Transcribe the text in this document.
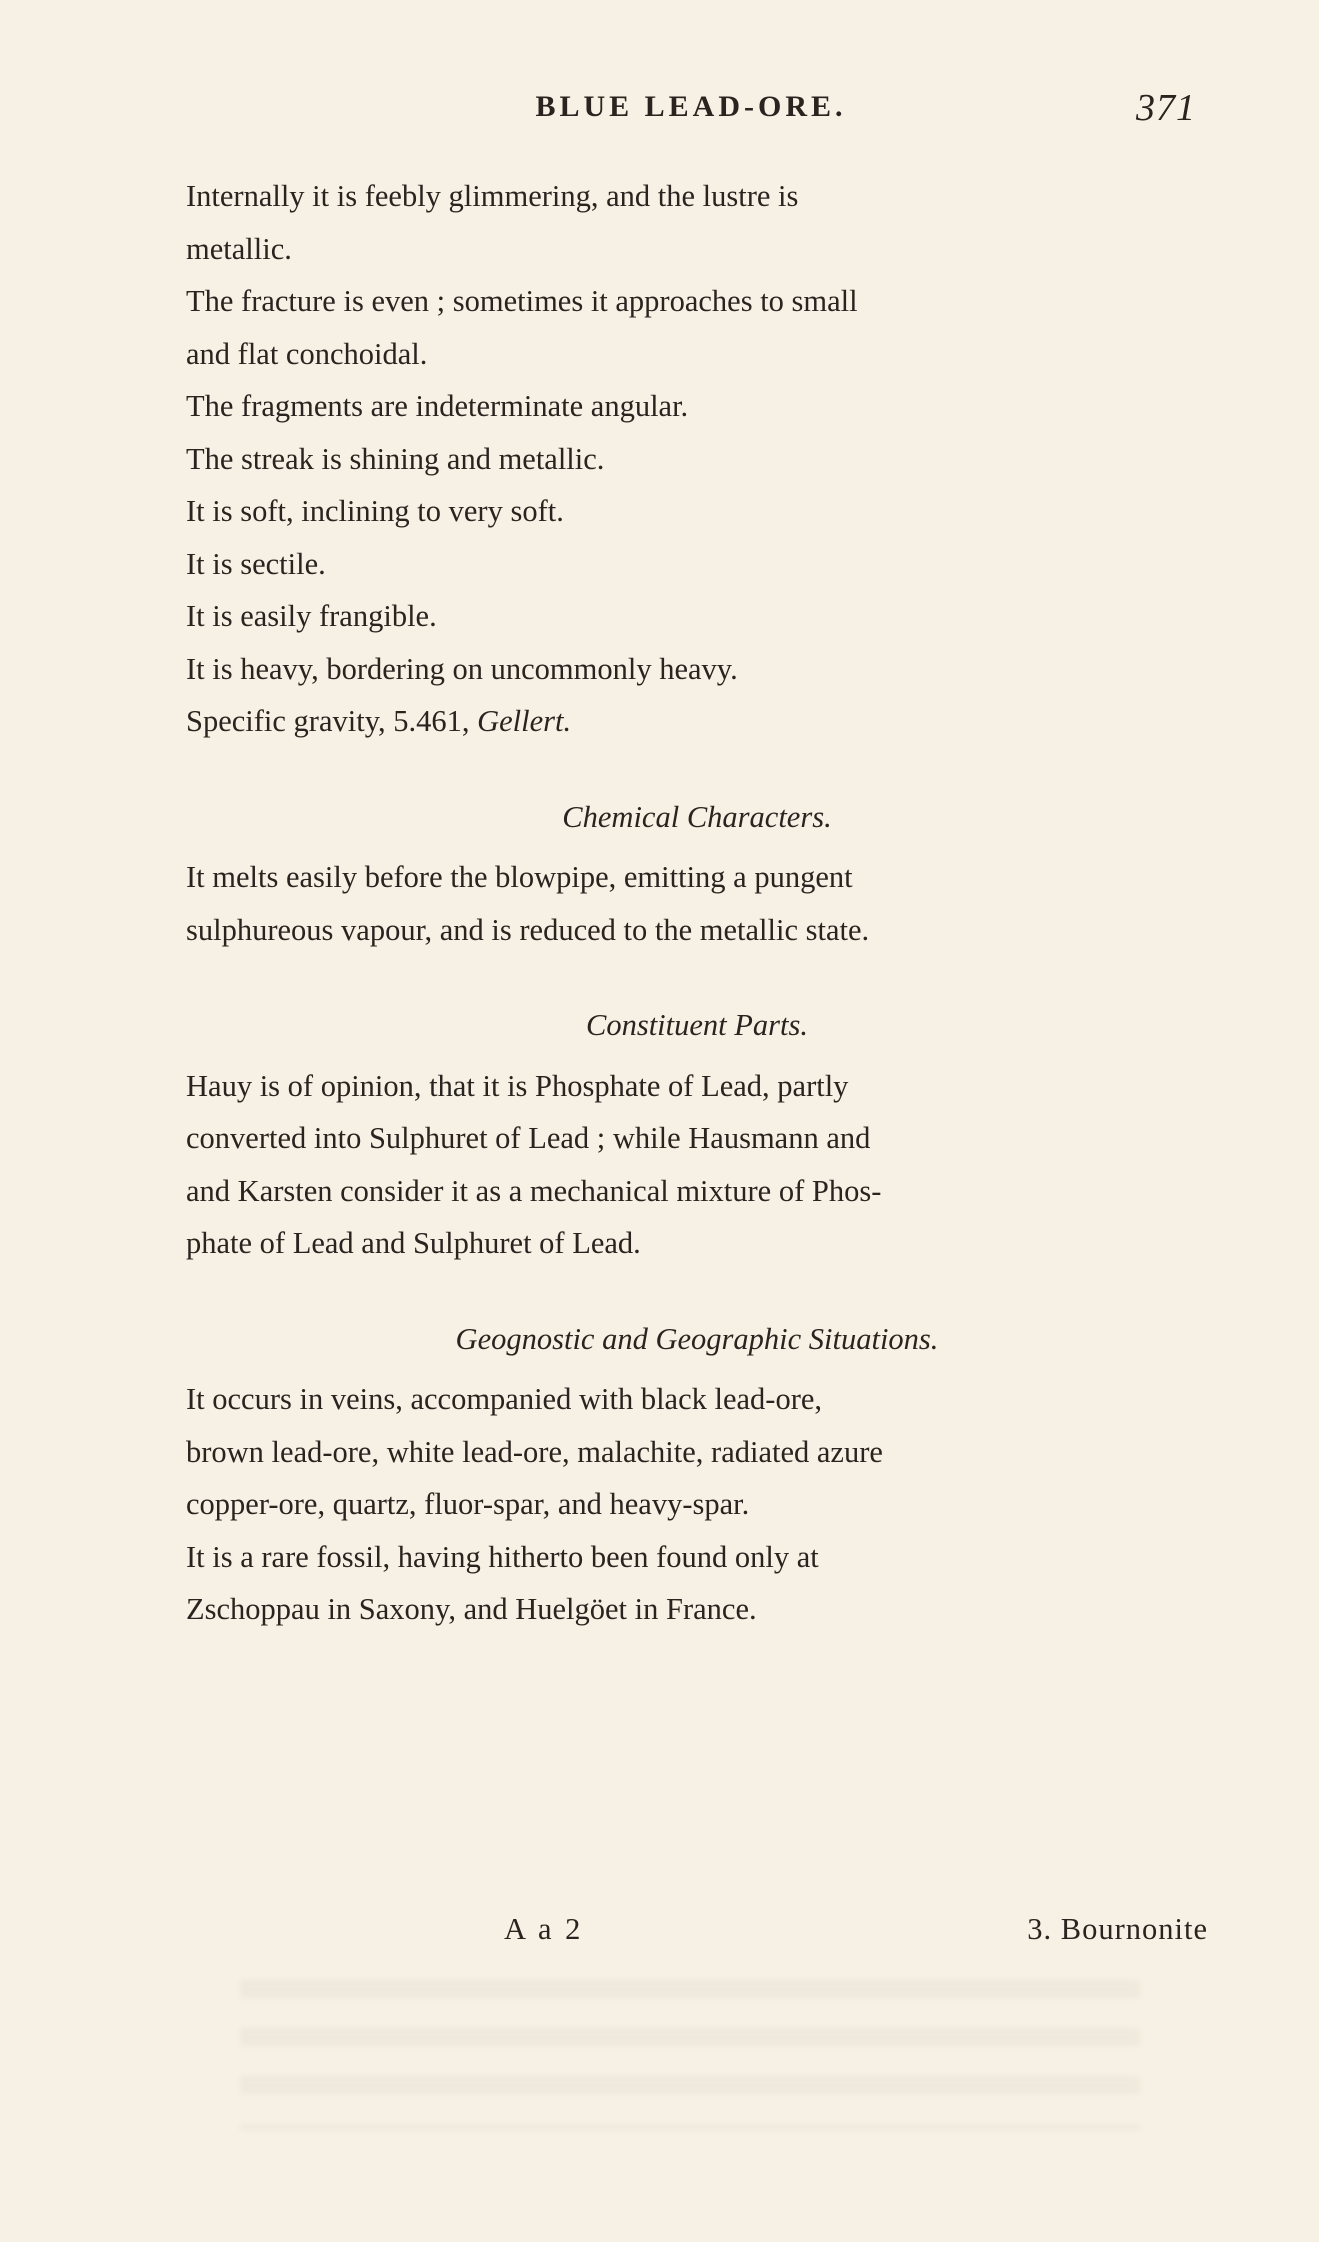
BLUE LEAD-ORE.	371
Internally it is feebly glimmering, and the lustre is
metallic.
The fracture is even ; sometimes it approaches to small
and flat conchoidal.
The fragments are indeterminate angular.
The streak is shining and metallic.
It is soft, inclining to very soft.
It is sectile.
It is easily frangible.
It is heavy, bordering on uncommonly heavy.
Specific gravity, 5.461, Gellert.
Chemical Characters.
It melts easily before the blowpipe, emitting a pungent
sulphureous vapour, and is reduced to the metallic state.
Constituent Parts.
Hauy is of opinion, that it is Phosphate of Lead, partly
converted into Sulphuret of Lead ; while Hausmann and
and Karsten consider it as a mechanical mixture of Phos-
phate of Lead and Sulphuret of Lead.
Geognostic and Geographic Situations.
It occurs in veins, accompanied with black lead-ore,
brown lead-ore, white lead-ore, malachite, radiated azure
copper-ore, quartz, fluor-spar, and heavy-spar.
It is a rare fossil, having hitherto been found only at
Zschoppau in Saxony, and Huelgöet in France.
A a 2	3. Bournonite
